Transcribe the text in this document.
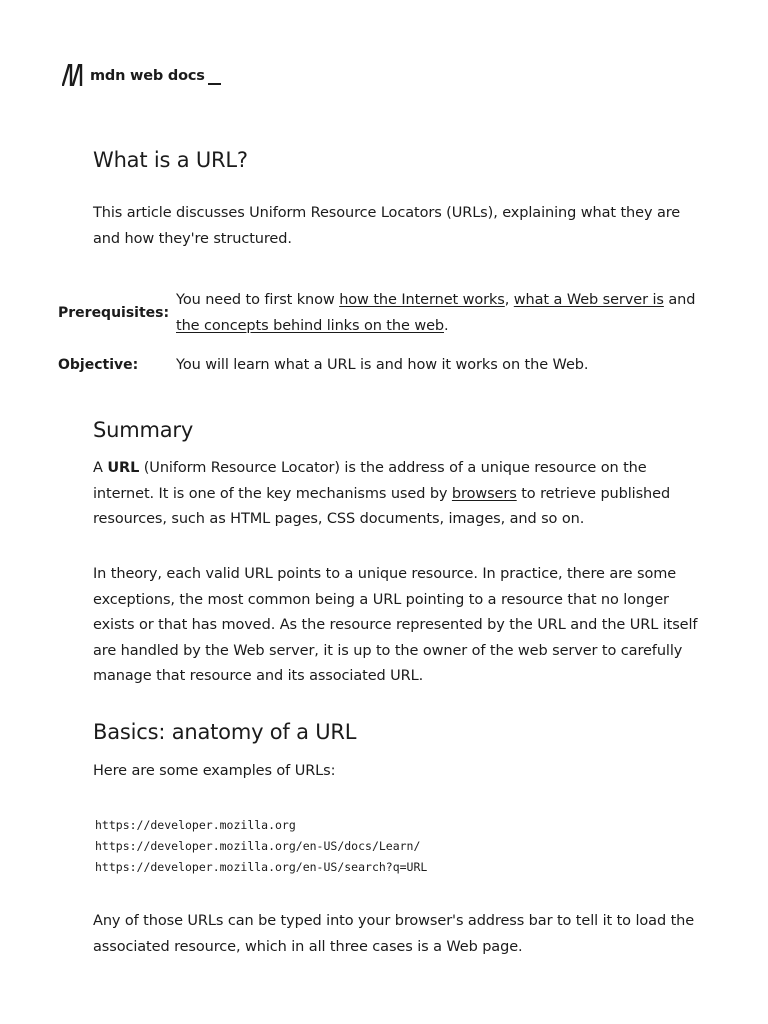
mdn web docs
What is a URL?

This article discusses Uniform Resource Locators (URLs), explaining what they are and how they're structured.

Prerequisites:
You need to first know how the Internet works, what a Web server is and the concepts behind links on the web.
Objective:	You will learn what a URL is and how it works on the Web.
Summary

A URL (Uniform Resource Locator) is the address of a unique resource on the internet. It is one of the key mechanisms used by browsers to retrieve published resources, such as HTML pages, CSS documents, images, and so on.

In theory, each valid URL points to a unique resource. In practice, there are some exceptions, the most common being a URL pointing to a resource that no longer exists or that has moved. As the resource represented by the URL and the URL itself are handled by the Web server, it is up to the owner of the web server to carefully manage that resource and its associated URL.

Basics: anatomy of a URL

Here are some examples of URLs:

Any of those URLs can be typed into your browser's address bar to tell it to load the associated resource, which in all three cases is a Web page.

https://developer.mozilla.org
https://developer.mozilla.org/en-US/docs/Learn/
https://developer.mozilla.org/en-US/search?q=URL
